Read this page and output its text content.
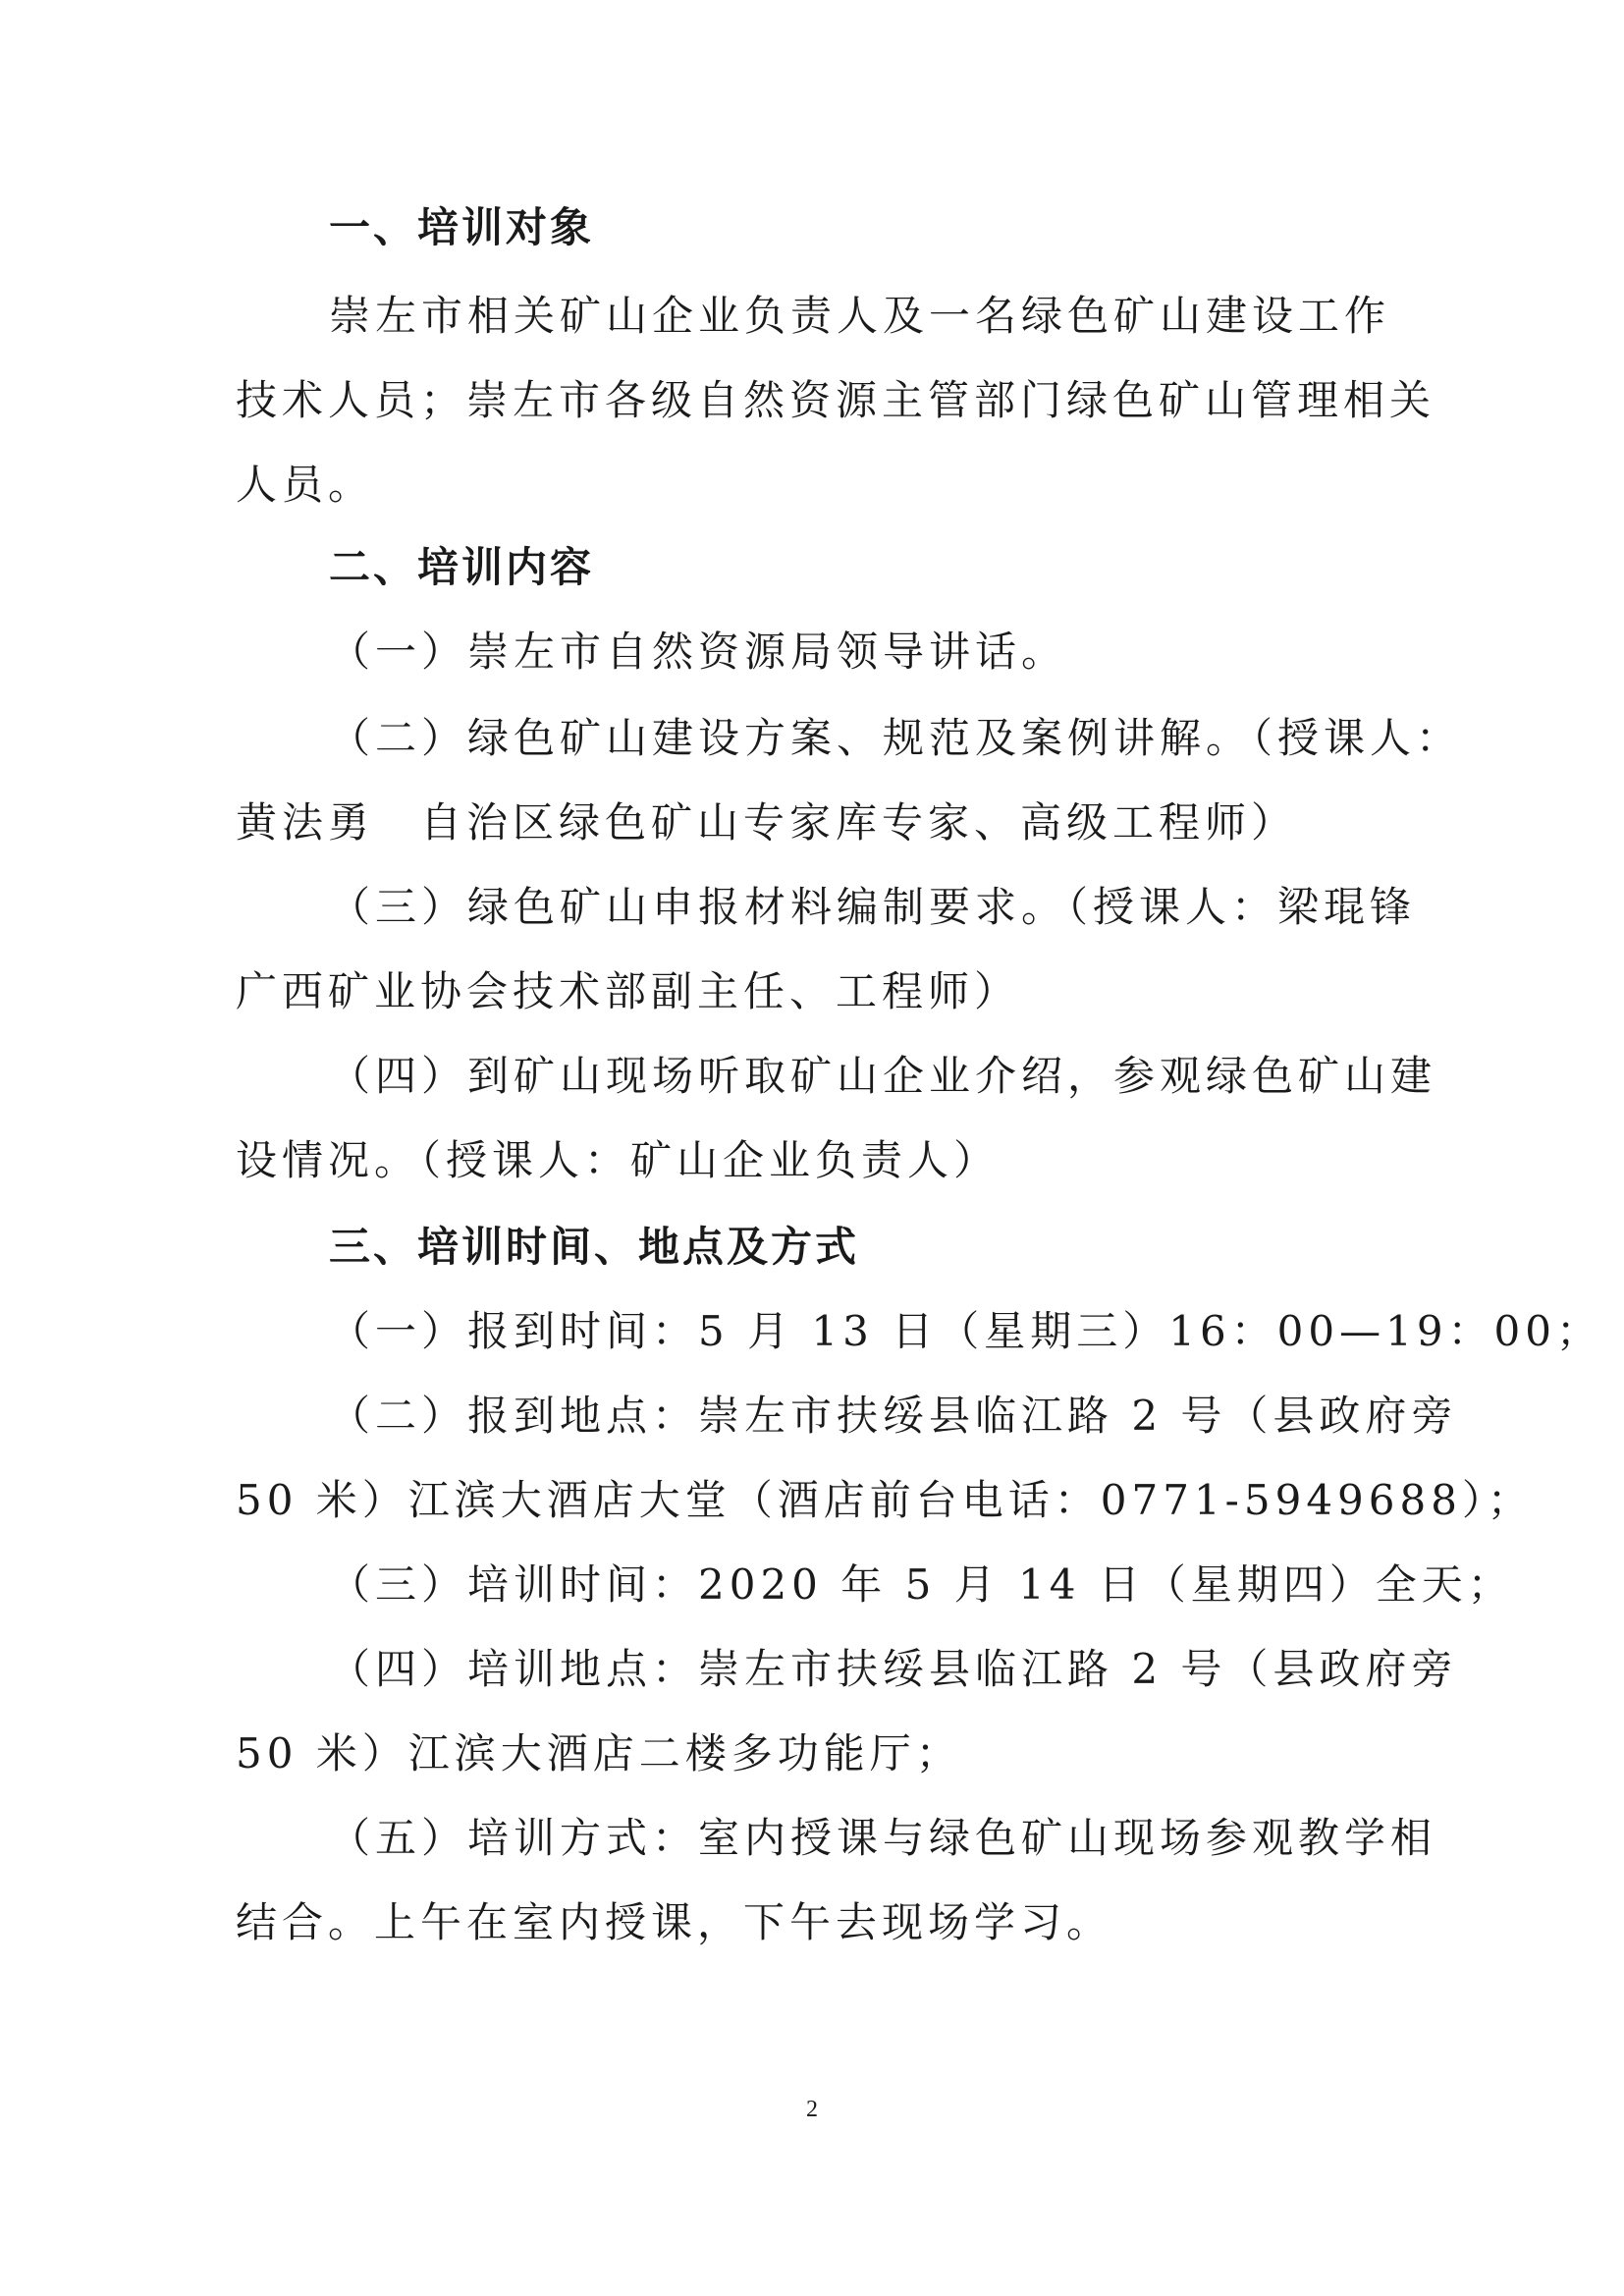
一、培训对象
崇左市相关矿山企业负责人及一名绿色矿山建设工作
技术人员；崇左市各级自然资源主管部门绿色矿山管理相关
人员。
二、培训内容
（一）崇左市自然资源局领导讲话。
（二）绿色矿山建设方案、规范及案例讲解。（授课人：
黄法勇　自治区绿色矿山专家库专家、高级工程师）
（三）绿色矿山申报材料编制要求。（授课人：梁琨锋
广西矿业协会技术部副主任、工程师）
（四）到矿山现场听取矿山企业介绍，参观绿色矿山建
设情况。（授课人：矿山企业负责人）
三、培训时间、地点及方式
（一）报到时间：5 月 13 日（星期三）16：00—19：00；
（二）报到地点：崇左市扶绥县临江路 2 号（县政府旁
50 米）江滨大酒店大堂（酒店前台电话：0771-5949688）；
（三）培训时间：2020 年 5 月 14 日（星期四）全天；
（四）培训地点：崇左市扶绥县临江路 2 号（县政府旁
50 米）江滨大酒店二楼多功能厅；
（五）培训方式：室内授课与绿色矿山现场参观教学相
结合。上午在室内授课，下午去现场学习。
2
